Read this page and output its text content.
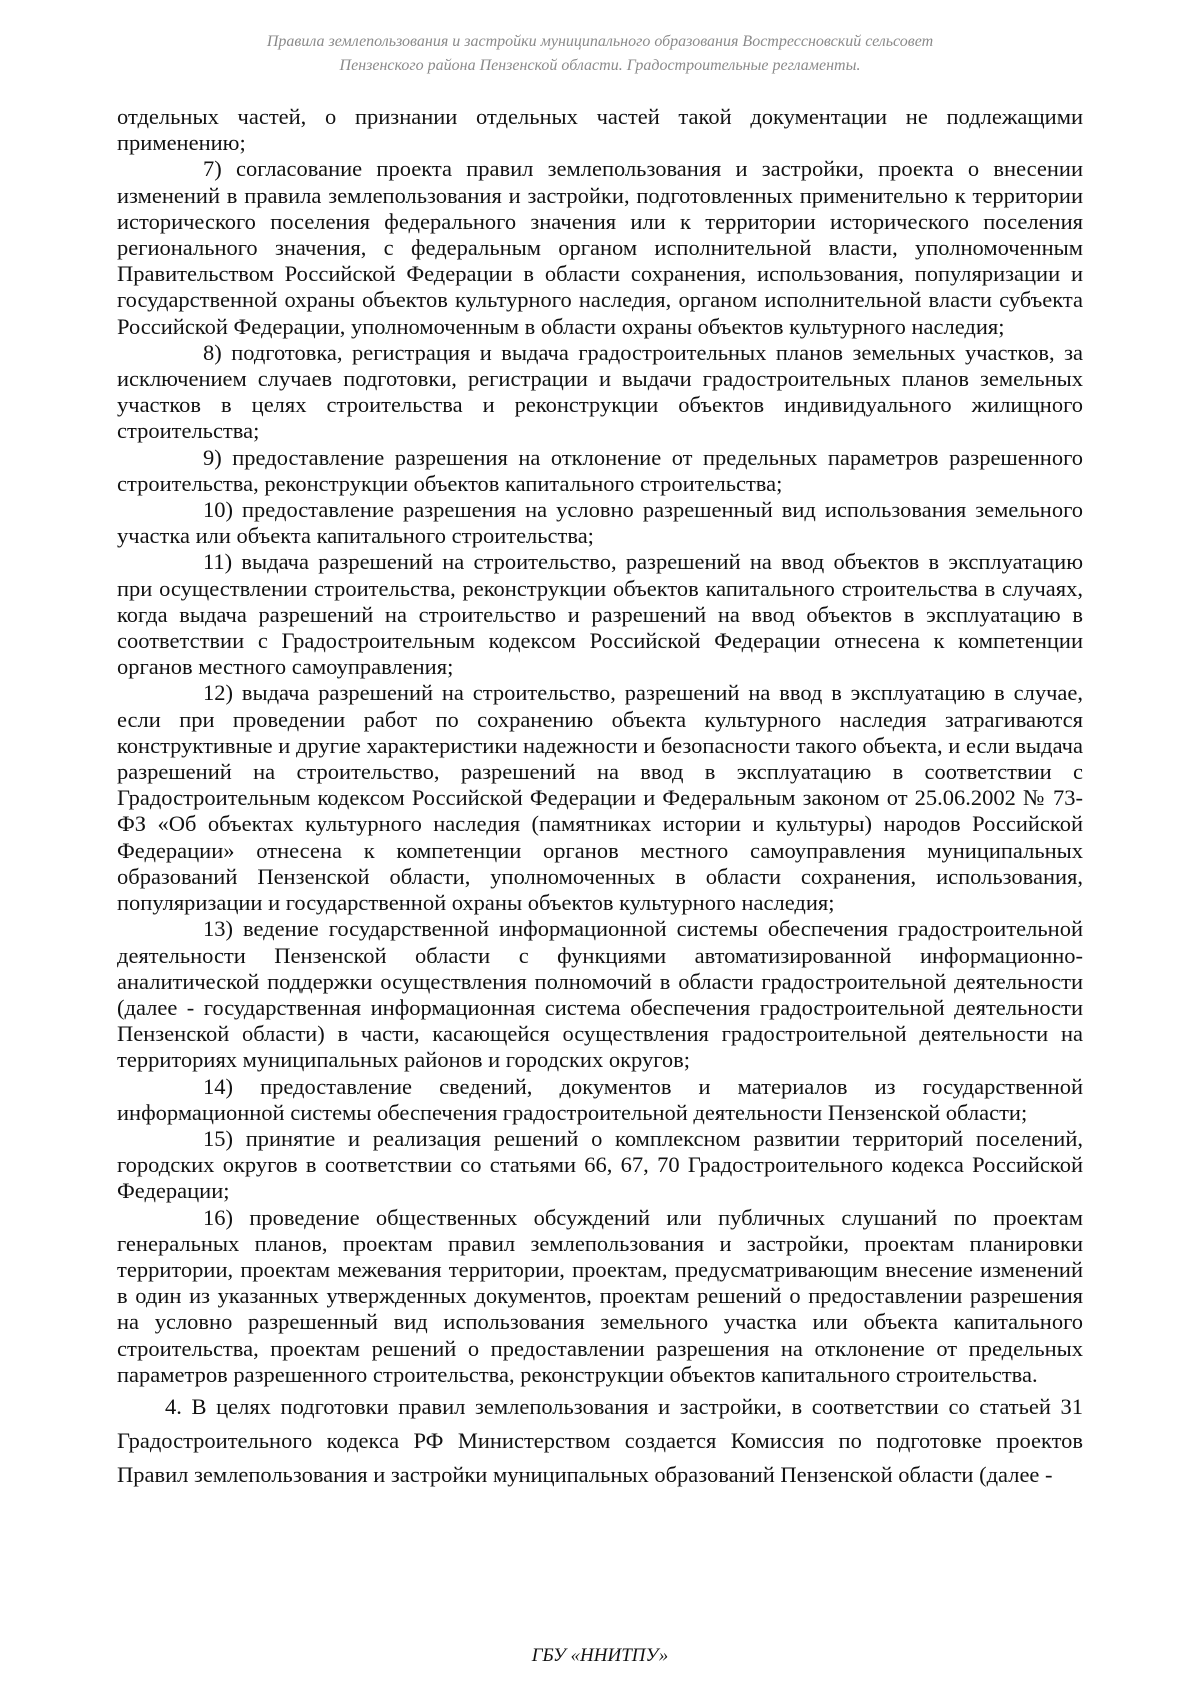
Правила землепользования и застройки муниципального образования Вострессновский сельсовет
Пензенского района Пензенской области. Градостроительные регламенты.

отдельных частей, о признании отдельных частей такой документации не подлежащими применению;

7) согласование проекта правил землепользования и застройки, проекта о внесении изменений в правила землепользования и застройки, подготовленных применительно к территории исторического поселения федерального значения или к территории исторического поселения регионального значения, с федеральным органом исполнительной власти, уполномоченным Правительством Российской Федерации в области сохранения, использования, популяризации и государственной охраны объектов культурного наследия, органом исполнительной власти субъекта Российской Федерации, уполномоченным в области охраны объектов культурного наследия;

8) подготовка, регистрация и выдача градостроительных планов земельных участков, за исключением случаев подготовки, регистрации и выдачи градостроительных планов земельных участков в целях строительства и реконструкции объектов индивидуального жилищного строительства;

9) предоставление разрешения на отклонение от предельных параметров разрешенного строительства, реконструкции объектов капитального строительства;

10) предоставление разрешения на условно разрешенный вид использования земельного участка или объекта капитального строительства;

11) выдача разрешений на строительство, разрешений на ввод объектов в эксплуатацию при осуществлении строительства, реконструкции объектов капитального строительства в случаях, когда выдача разрешений на строительство и разрешений на ввод объектов в эксплуатацию в соответствии с Градостроительным кодексом Российской Федерации отнесена к компетенции органов местного самоуправления;

12) выдача разрешений на строительство, разрешений на ввод в эксплуатацию в случае, если при проведении работ по сохранению объекта культурного наследия затрагиваются конструктивные и другие характеристики надежности и безопасности такого объекта, и если выдача разрешений на строительство, разрешений на ввод в эксплуатацию в соответствии с Градостроительным кодексом Российской Федерации и Федеральным законом от 25.06.2002 № 73-ФЗ «Об объектах культурного наследия (памятниках истории и культуры) народов Российской Федерации» отнесена к компетенции органов местного самоуправления муниципальных образований Пензенской области, уполномоченных в области сохранения, использования, популяризации и государственной охраны объектов культурного наследия;

13) ведение государственной информационной системы обеспечения градостроительной деятельности Пензенской области с функциями автоматизированной информационно-аналитической поддержки осуществления полномочий в области градостроительной деятельности (далее - государственная информационная система обеспечения градостроительной деятельности Пензенской области) в части, касающейся осуществления градостроительной деятельности на территориях муниципальных районов и городских округов;

14) предоставление сведений, документов и материалов из государственной информационной системы обеспечения градостроительной деятельности Пензенской области;

15) принятие и реализация решений о комплексном развитии территорий поселений, городских округов в соответствии со статьями 66, 67, 70 Градостроительного кодекса Российской Федерации;

16) проведение общественных обсуждений или публичных слушаний по проектам генеральных планов, проектам правил землепользования и застройки, проектам планировки территории, проектам межевания территории, проектам, предусматривающим внесение изменений в один из указанных утвержденных документов, проектам решений о предоставлении разрешения на условно разрешенный вид использования земельного участка или объекта капитального строительства, проектам решений о предоставлении разрешения на отклонение от предельных параметров разрешенного строительства, реконструкции объектов капитального строительства.

4. В целях подготовки правил землепользования и застройки, в соответствии со статьей 31 Градостроительного кодекса РФ Министерством создается Комиссия по подготовке проектов Правил землепользования и застройки муниципальных образований Пензенской области (далее -

ГБУ «ННИТПУ»
